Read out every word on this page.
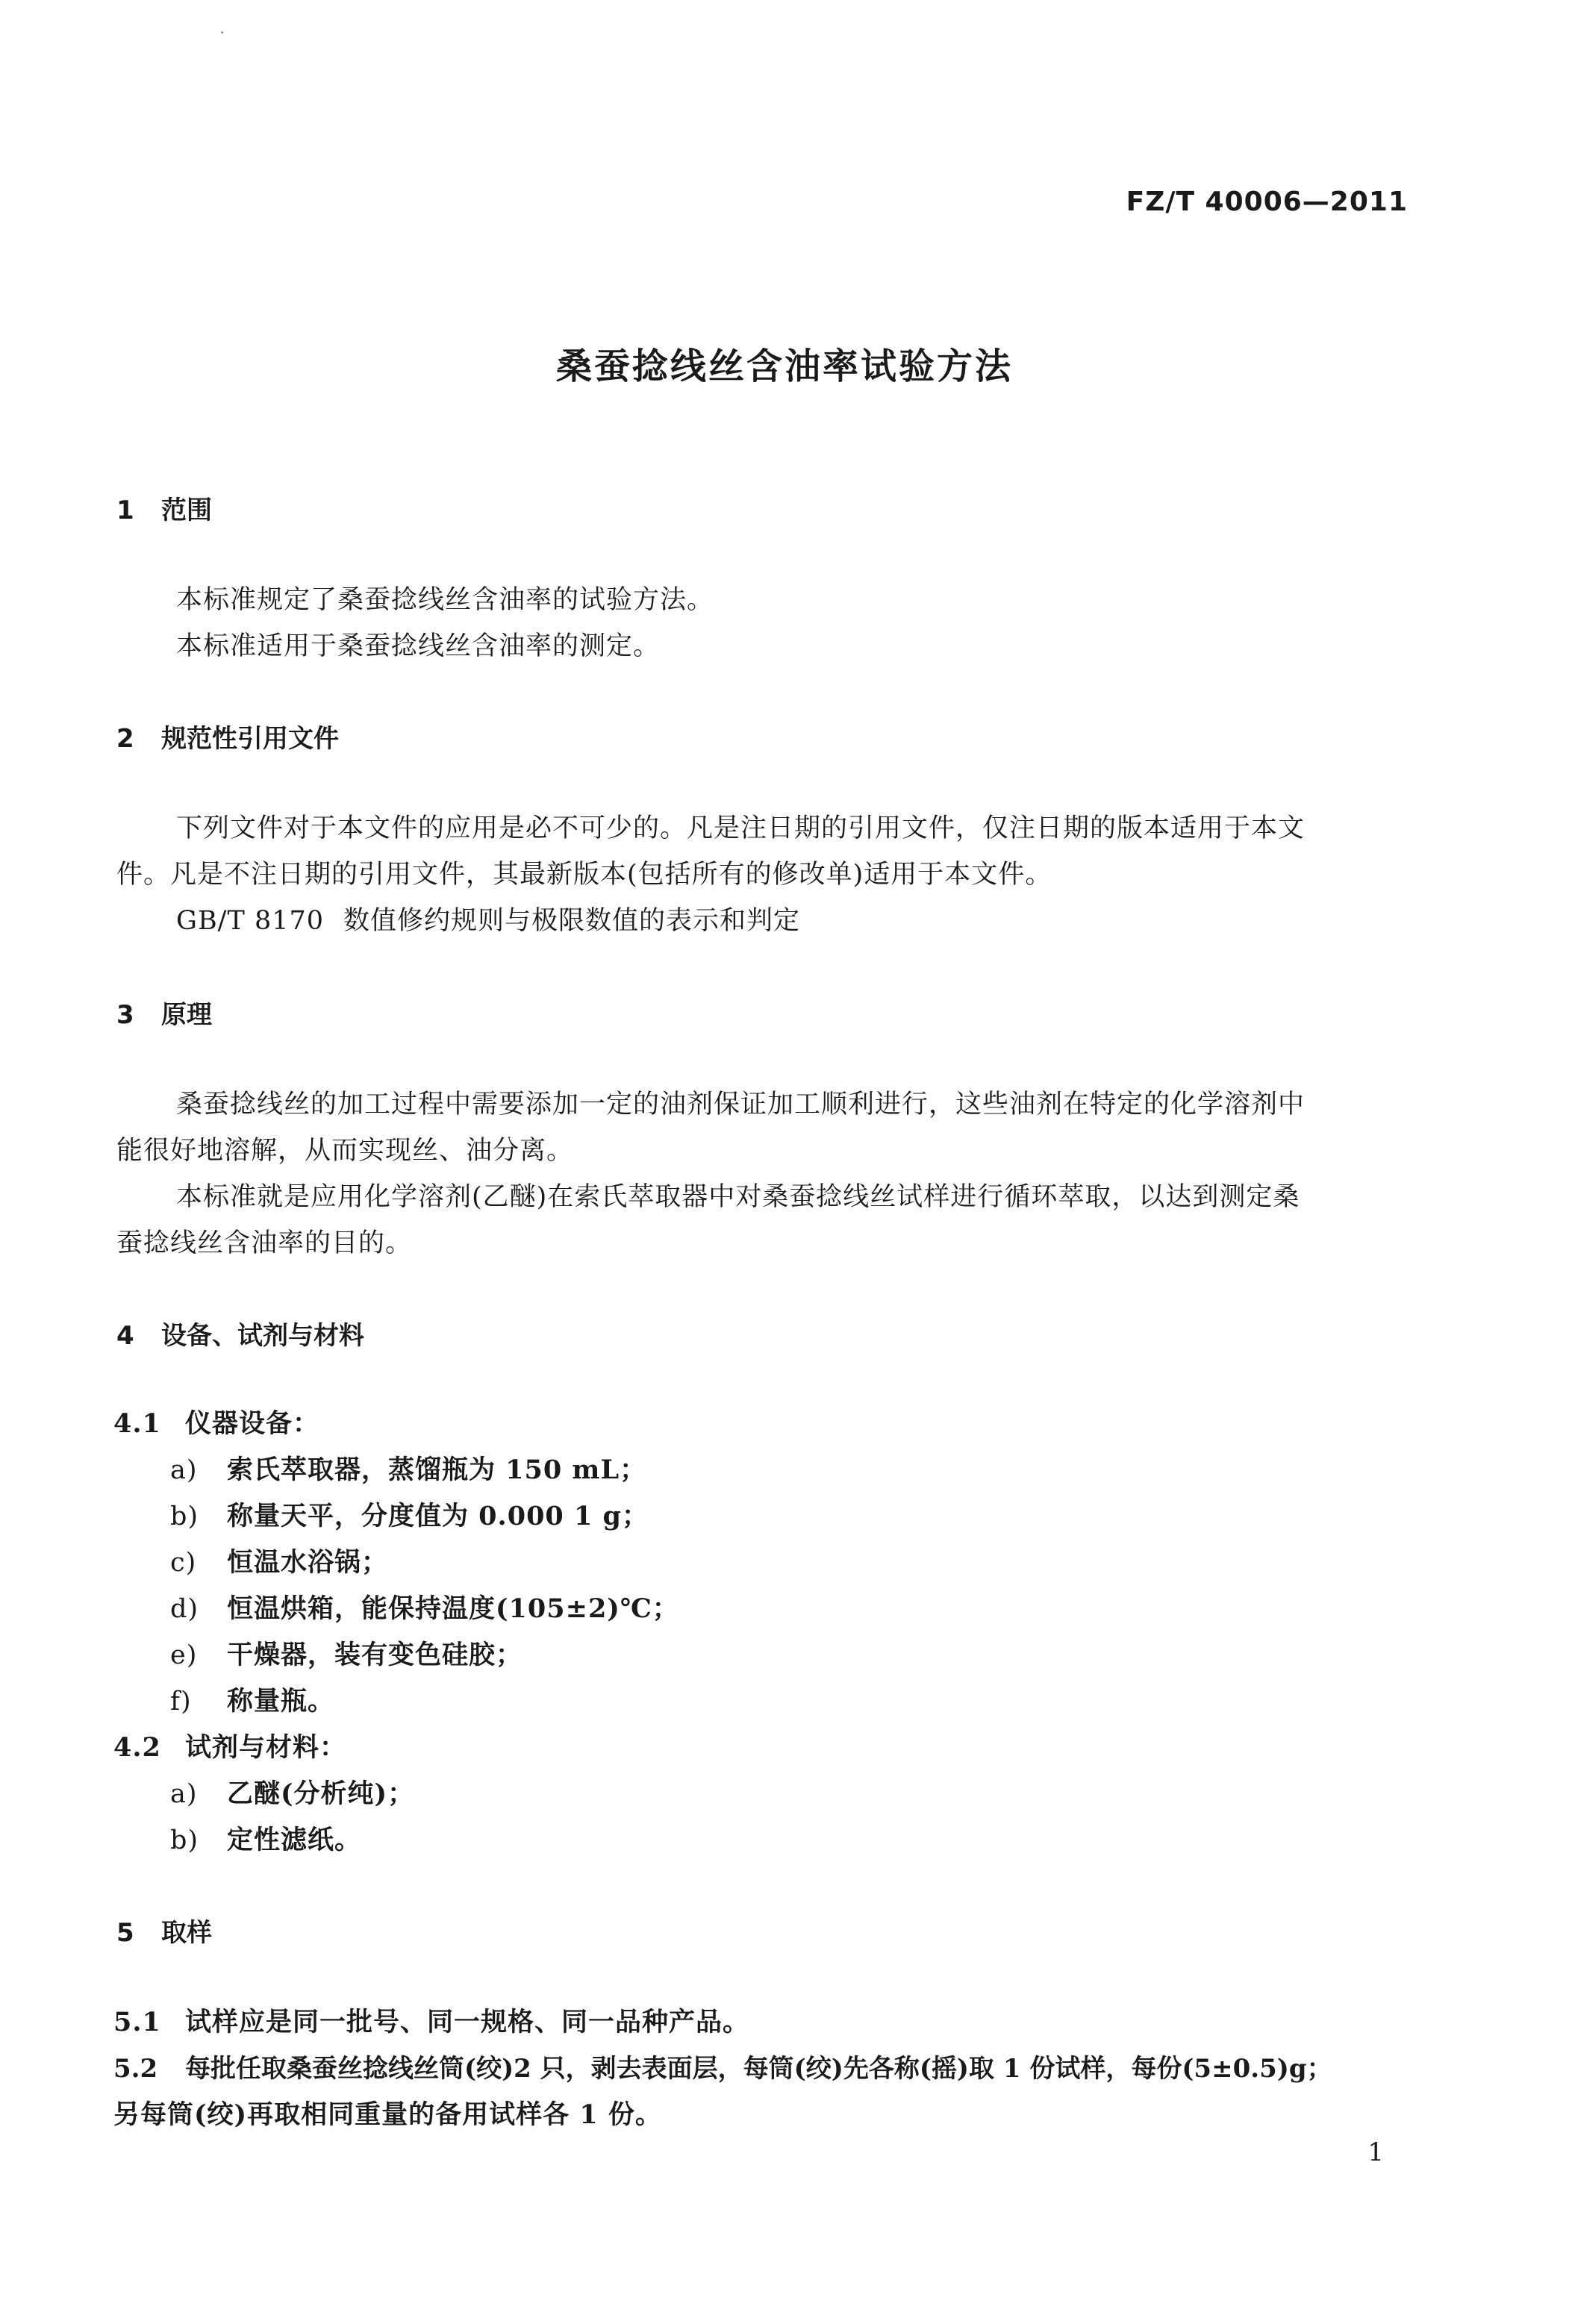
FZ/T 40006—2011
桑蚕捻线丝含油率试验方法
1 范围
本标准规定了桑蚕捻线丝含油率的试验方法。
本标准适用于桑蚕捻线丝含油率的测定。
2 规范性引用文件
下列文件对于本文件的应用是必不可少的。凡是注日期的引用文件，仅注日期的版本适用于本文
件。凡是不注日期的引用文件，其最新版本(包括所有的修改单)适用于本文件。
GB/T 8170 数值修约规则与极限数值的表示和判定
3 原理
桑蚕捻线丝的加工过程中需要添加一定的油剂保证加工顺利进行，这些油剂在特定的化学溶剂中
能很好地溶解，从而实现丝、油分离。
本标准就是应用化学溶剂(乙醚)在索氏萃取器中对桑蚕捻线丝试样进行循环萃取，以达到测定桑
蚕捻线丝含油率的目的。
4 设备、试剂与材料
4.1 仪器设备：
a) 索氏萃取器，蒸馏瓶为 150 mL；
b) 称量天平，分度值为 0.000 1 g；
c) 恒温水浴锅；
d) 恒温烘箱，能保持温度(105±2)℃；
e) 干燥器，装有变色硅胶；
f) 称量瓶。
4.2 试剂与材料：
a) 乙醚(分析纯)；
b) 定性滤纸。
5 取样
5.1 试样应是同一批号、同一规格、同一品种产品。
5.2 每批任取桑蚕丝捻线丝筒(绞)2 只，剥去表面层，每筒(绞)先各称(摇)取 1 份试样，每份(5±0.5)g；
另每筒(绞)再取相同重量的备用试样各 1 份。
1
